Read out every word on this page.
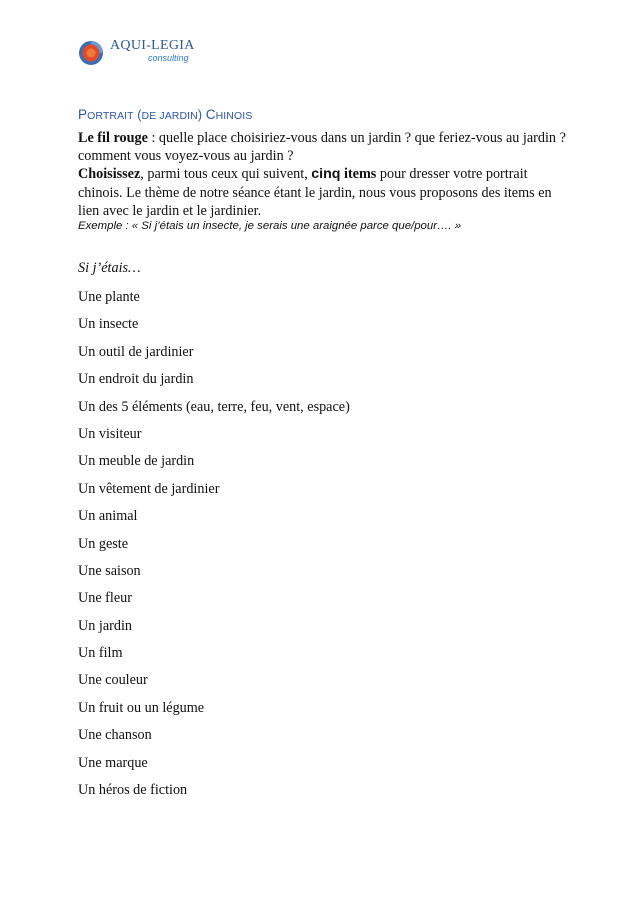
AQUI-LEGIA
consulting
PORTRAIT (DE JARDIN) CHINOIS

Le fil rouge : quelle place choisiriez-vous dans un jardin ? que feriez-vous au jardin ? comment vous voyez-vous au jardin ?

Choisissez, parmi tous ceux qui suivent, cinq items pour dresser votre portrait chinois. Le thème de notre séance étant le jardin, nous vous proposons des items en lien avec le jardin et le jardinier.

Exemple : « Si j’étais un insecte, je serais une araignée parce que/pour…. »
Si j’étais…
Une plante
Un insecte
Un outil de jardinier
Un endroit du jardin
Un des 5 éléments (eau, terre, feu, vent, espace)
Un visiteur
Un meuble de jardin
Un vêtement de jardinier
Un animal
Un geste
Une saison
Une fleur
Un jardin
Un film
Une couleur
Un fruit ou un légume
Une chanson
Une marque
Un héros de fiction
